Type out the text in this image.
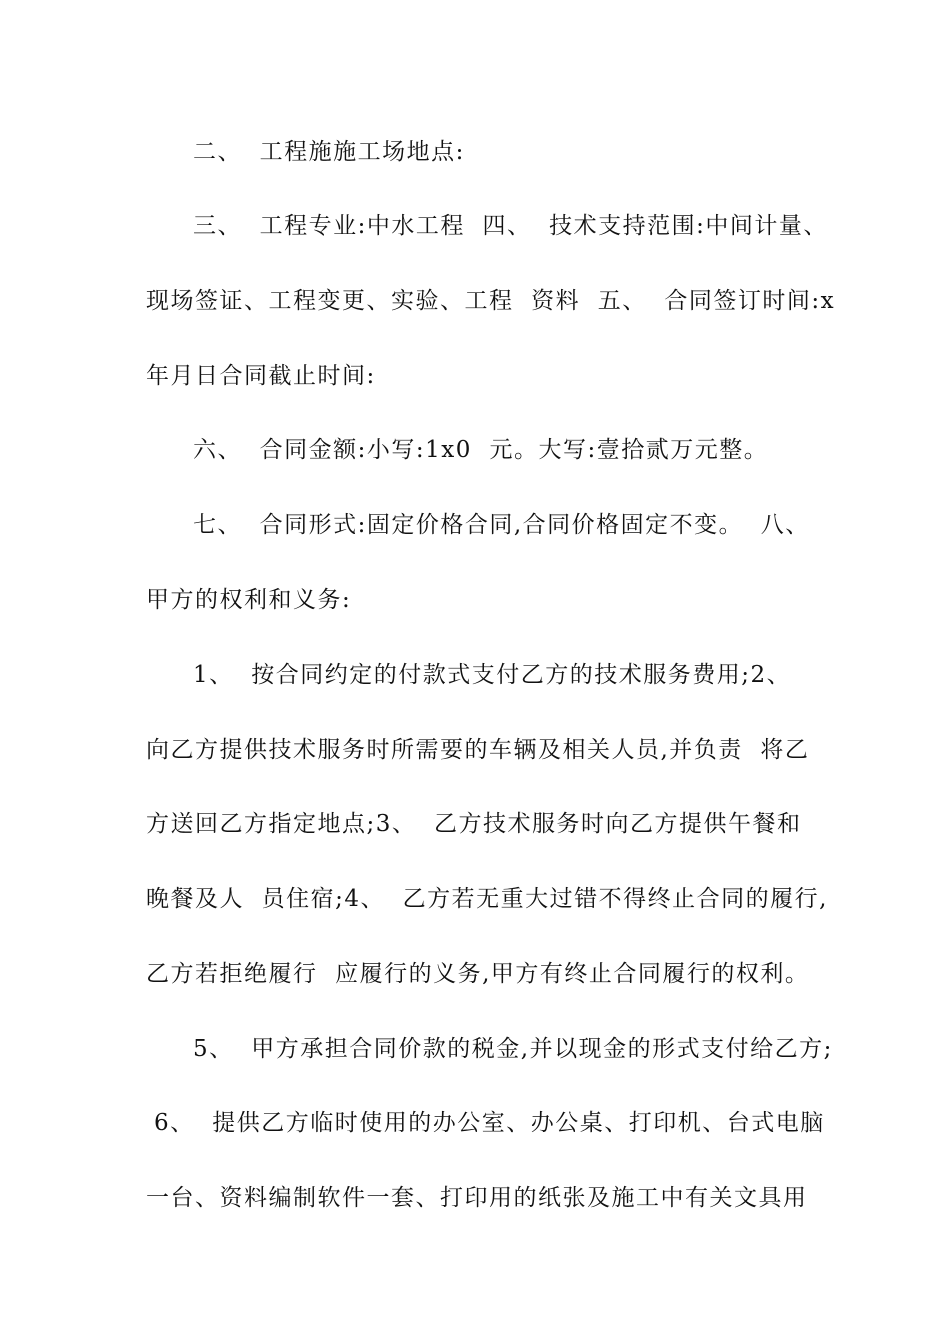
二、  工程施施工场地点:
三、  工程专业:中水工程  四、  技术支持范围:中间计量、
现场签证、工程变更、实验、工程  资料  五、  合同签订时间:x
年月日合同截止时间:
六、  合同金额:小写:1x0  元。大写:壹拾贰万元整。
七、  合同形式:固定价格合同,合同价格固定不变。  八、
甲方的权利和义务:
1、  按合同约定的付款式支付乙方的技术服务费用;2、
向乙方提供技术服务时所需要的车辆及相关人员,并负责  将乙
方送回乙方指定地点;3、  乙方技术服务时向乙方提供午餐和
晚餐及人  员住宿;4、  乙方若无重大过错不得终止合同的履行,
乙方若拒绝履行  应履行的义务,甲方有终止合同履行的权利。
5、  甲方承担合同价款的税金,并以现金的形式支付给乙方;
6、  提供乙方临时使用的办公室、办公桌、打印机、台式电脑
一台、资料编制软件一套、打印用的纸张及施工中有关文具用
